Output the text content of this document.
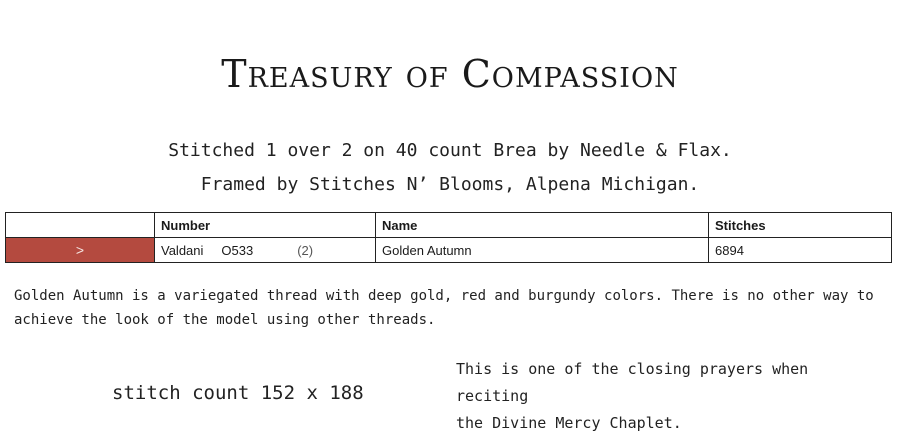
Treasury of Compassion
Stitched 1 over 2 on 40 count Brea by Needle & Flax.
Framed by Stitches N’ Blooms, Alpena Michigan.
	Number	Name	Stitches

>	Valdani O533 (2)	Golden Autumn	6894
Golden Autumn is a variegated thread with deep gold, red and burgundy colors. There is no other way to
achieve the look of the model using other threads.
stitch count 152 x 188
This is one of the closing prayers when reciting
the Divine Mercy Chaplet.
